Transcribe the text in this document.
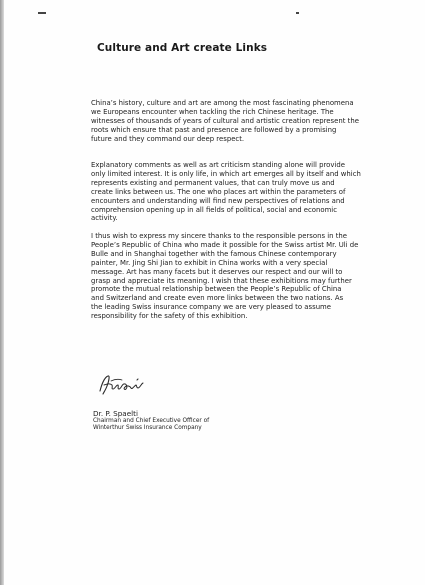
Culture and Art create Links

China’s history, culture and art are among the most fascinating phenomena
we Europeans encounter when tackling the rich Chinese heritage. The
witnesses of thousands of years of cultural and artistic creation represent the
roots which ensure that past and presence are followed by a promising
future and they command our deep respect.

Explanatory comments as well as art criticism standing alone will provide
only limited interest. It is only life, in which art emerges all by itself and which
represents existing and permanent values, that can truly move us and
create links between us. The one who places art within the parameters of
encounters and understanding will find new perspectives of relations and
comprehension opening up in all fields of political, social and economic
activity.

I thus wish to express my sincere thanks to the responsible persons in the
People’s Republic of China who made it possible for the Swiss artist Mr. Uli de
Bulle and in Shanghai together with the famous Chinese contemporary
painter, Mr. Jing Shi Jian to exhibit in China works with a very special
message. Art has many facets but it deserves our respect and our will to
grasp and appreciate its meaning. I wish that these exhibitions may further
promote the mutual relationship between the People’s Republic of China
and Switzerland and create even more links between the two nations. As
the leading Swiss insurance company we are very pleased to assume
responsibility for the safety of this exhibition.

Dr. P. Spaelti
Chairman and Chief Executive Officer of
Winterthur Swiss Insurance Company
